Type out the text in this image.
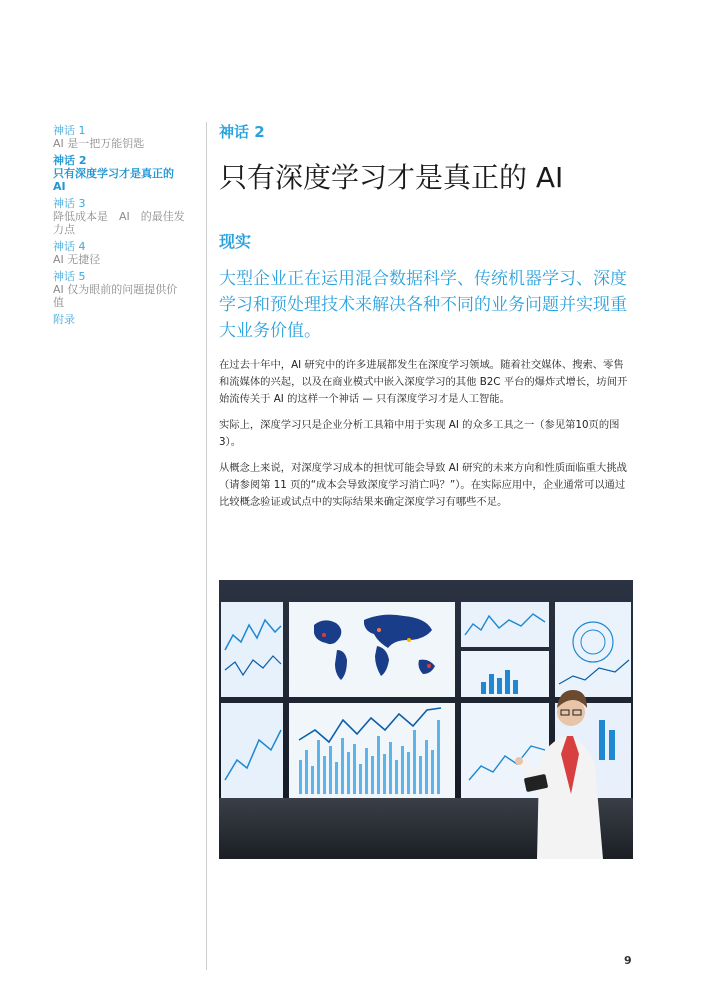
神话 1
AI 是一把万能钥匙
神话 2
只有深度学习才是真正的 AI
神话 3
降低成本是　AI　的最佳发力点
神话 4
AI 无捷径
神话 5
AI 仅为眼前的问题提供价值
附录
神话 2
只有深度学习才是真正的 AI
现实

大型企业正在运用混合数据科学、传统机器学习、深度学习和预处理技术来解决各种不同的业务问题并实现重大业务价值。

在过去十年中，AI 研究中的许多进展都发生在深度学习领域。随着社交媒体、搜索、零售和流媒体的兴起，以及在商业模式中嵌入深度学习的其他 B2C 平台的爆炸式增长，坊间开始流传关于 AI 的这样一个神话 — 只有深度学习才是人工智能。

实际上，深度学习只是企业分析工具箱中用于实现 AI 的众多工具之一（参见第10页的图3）。

从概念上来说，对深度学习成本的担忧可能会导致 AI 研究的未来方向和性质面临重大挑战（请参阅第 11 页的“成本会导致深度学习消亡吗？”）。在实际应用中，企业通常可以通过比较概念验证或试点中的实际结果来确定深度学习有哪些不足。

9
